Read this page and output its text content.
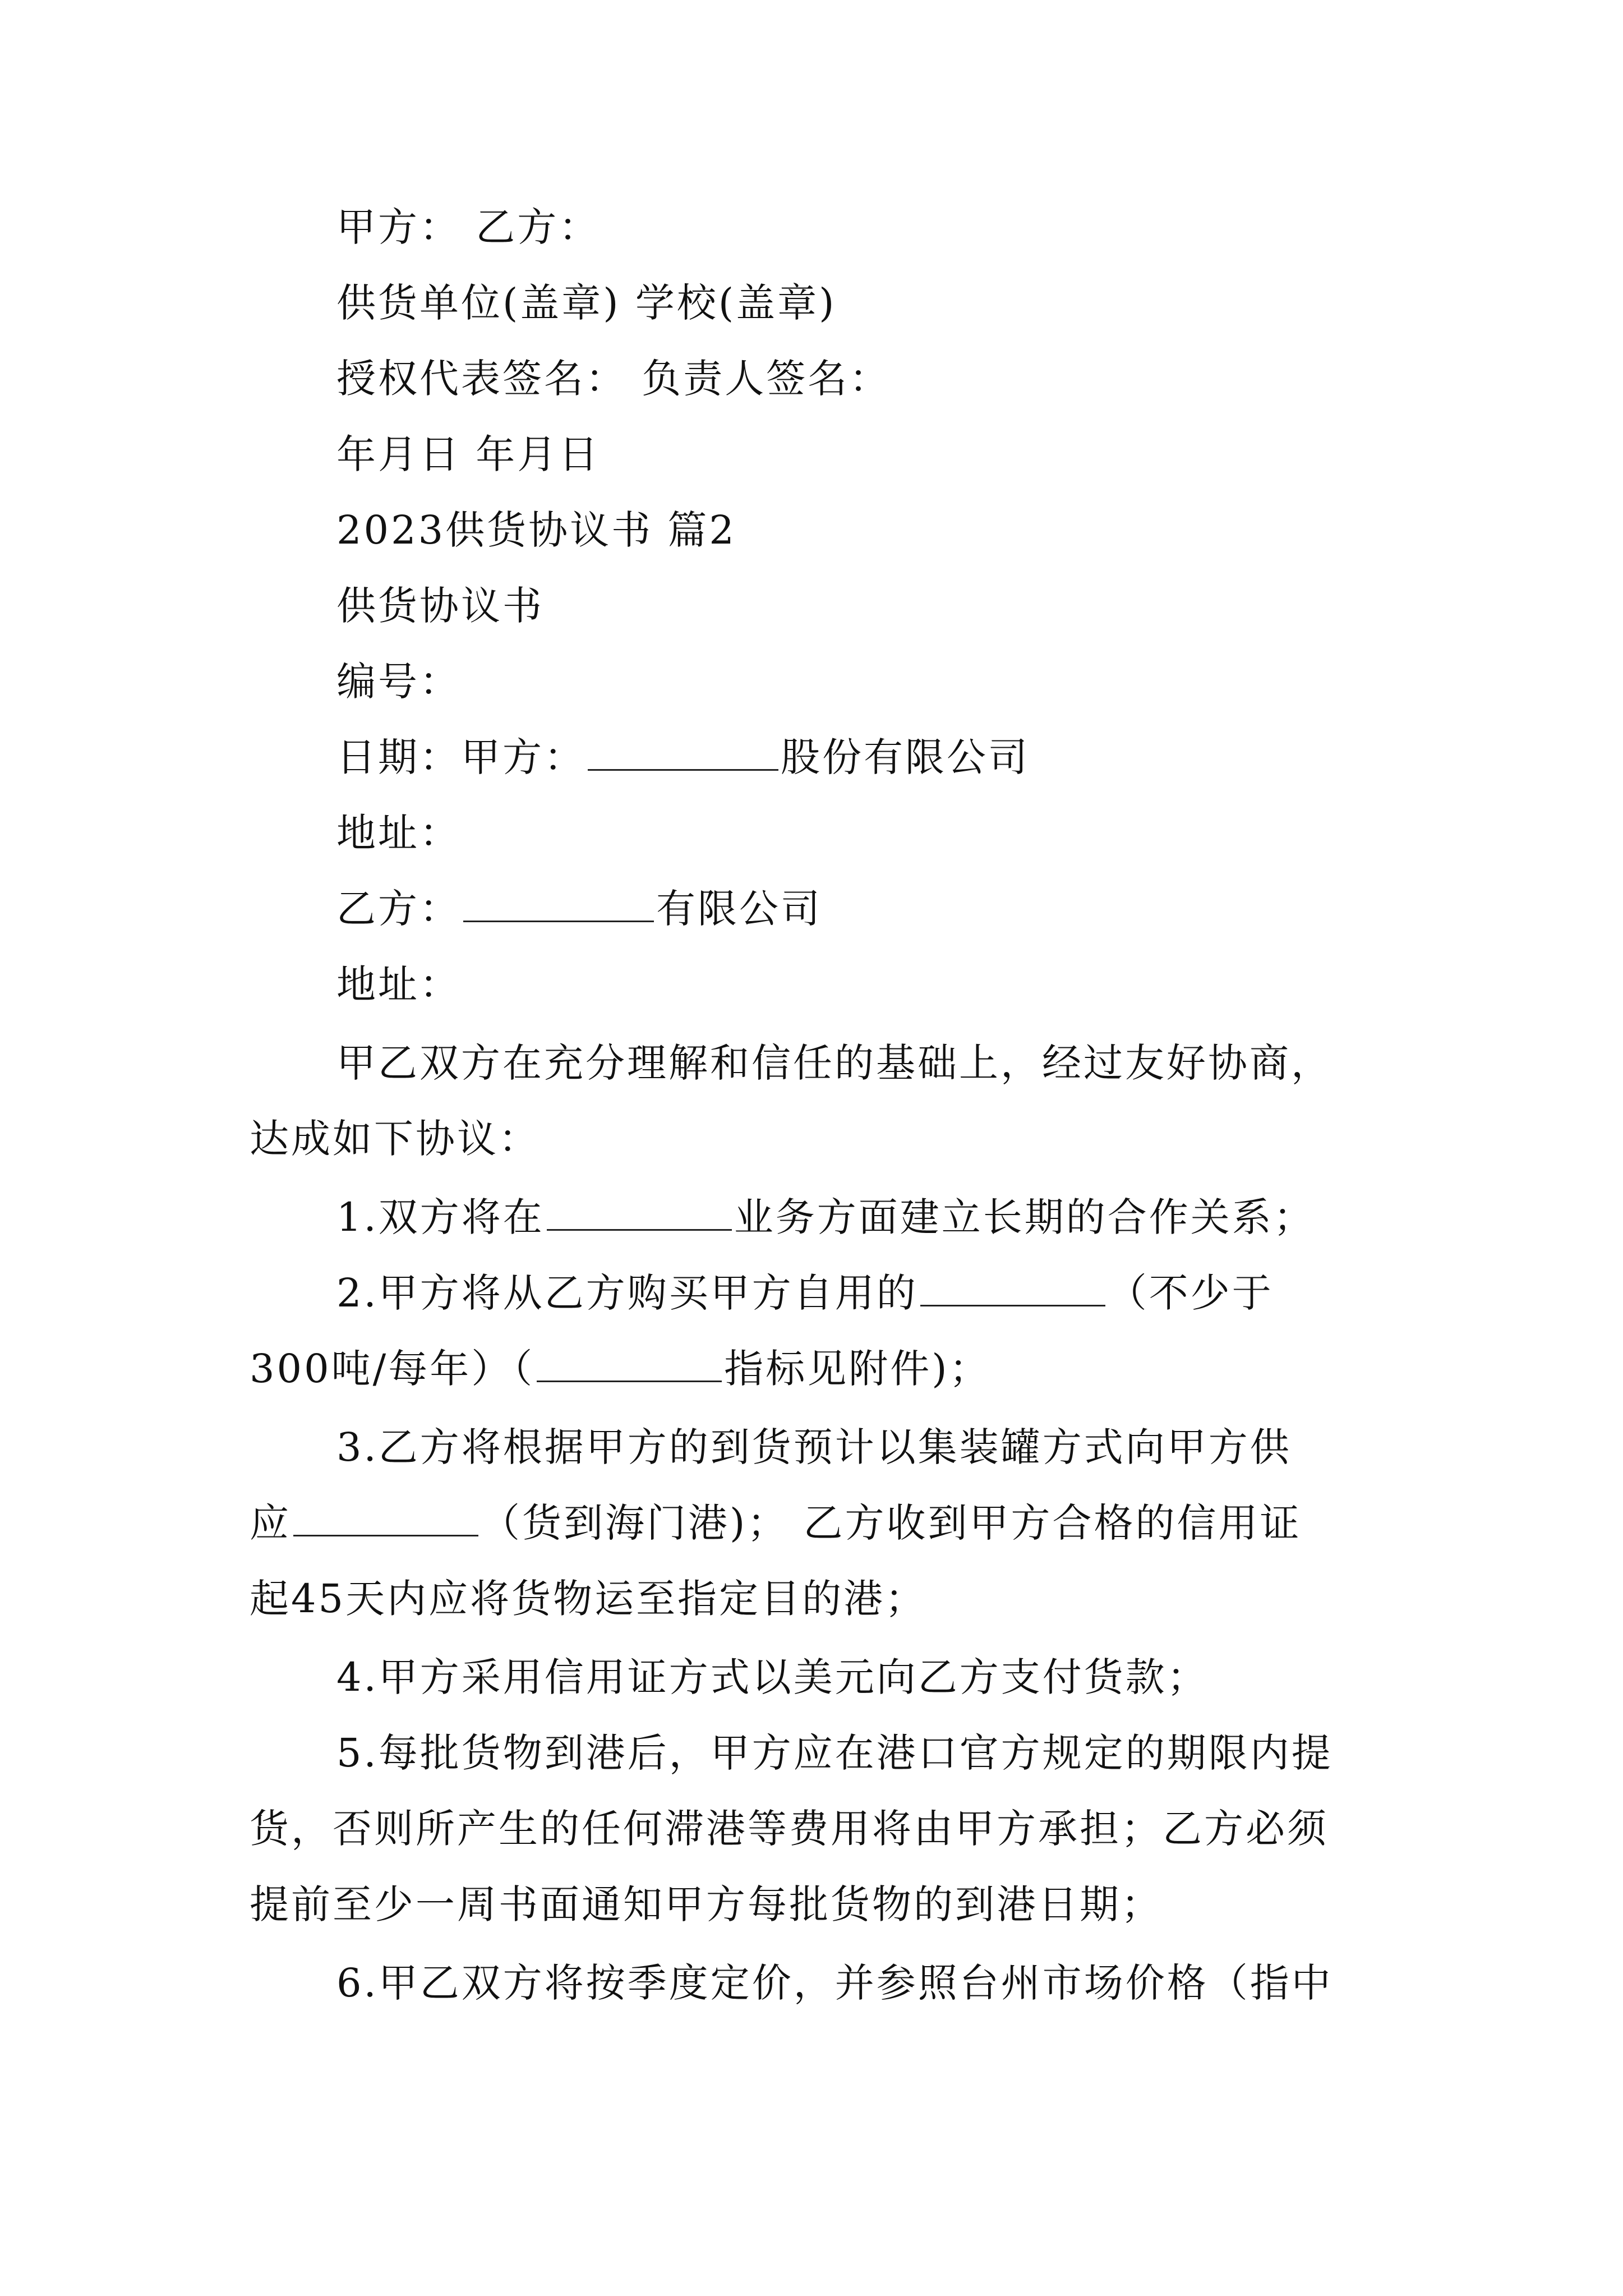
甲方： 乙方：
供货单位(盖章) 学校(盖章)
授权代表签名： 负责人签名：
年月日 年月日
2023供货协议书 篇2
供货协议书
编号：
日期：甲方：	股份有限公司
地址：
乙方：	有限公司
地址：
甲乙双方在充分理解和信任的基础上，经过友好协商，
达成如下协议：
1.双方将在	业务方面建立长期的合作关系；
2.甲方将从乙方购买甲方自用的	（不少于
300吨/每年）（	指标见附件)；
3.乙方将根据甲方的到货预计以集装罐方式向甲方供
应	（货到海门港)； 乙方收到甲方合格的信用证
起45天内应将货物运至指定目的港；
4.甲方采用信用证方式以美元向乙方支付货款；
5.每批货物到港后，甲方应在港口官方规定的期限内提
货，否则所产生的任何滞港等费用将由甲方承担；乙方必须
提前至少一周书面通知甲方每批货物的到港日期；
6.甲乙双方将按季度定价，并参照台州市场价格（指中
